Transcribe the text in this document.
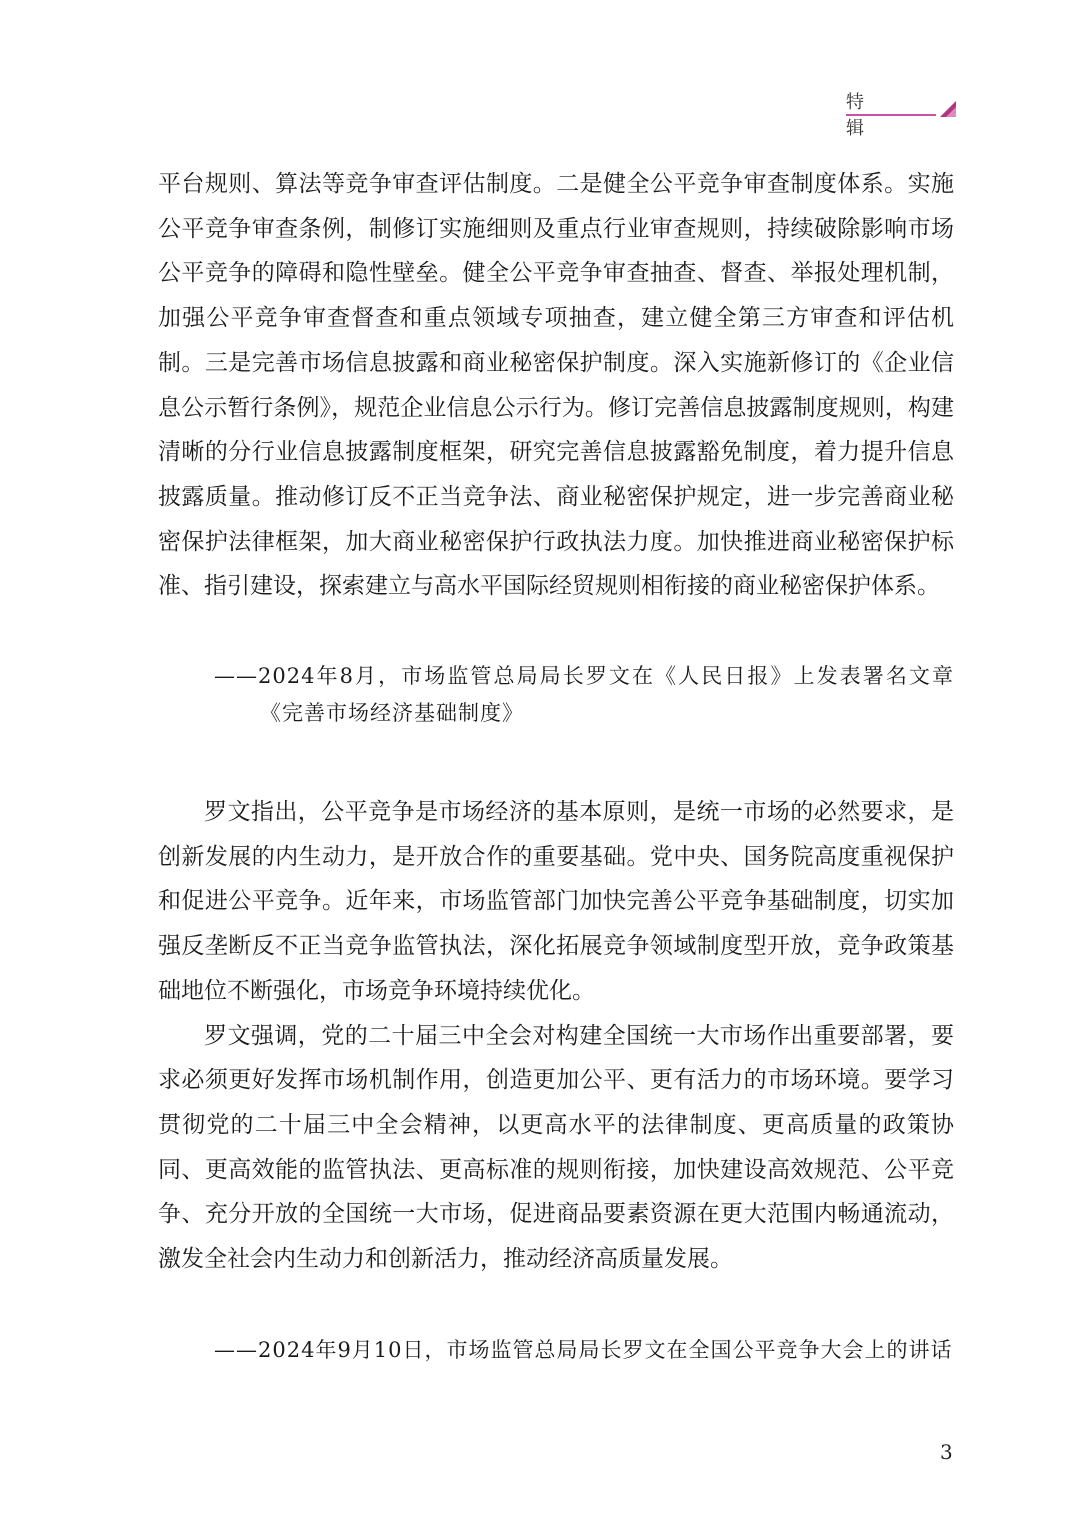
特 辑

平台规则、算法等竞争审查评估制度。二是健全公平竞争审查制度体系。实施公平竞争审查条例，制修订实施细则及重点行业审查规则，持续破除影响市场公平竞争的障碍和隐性壁垒。健全公平竞争审查抽查、督查、举报处理机制，加强公平竞争审查督查和重点领域专项抽查，建立健全第三方审查和评估机制。三是完善市场信息披露和商业秘密保护制度。深入实施新修订的《企业信息公示暂行条例》，规范企业信息公示行为。修订完善信息披露制度规则，构建清晰的分行业信息披露制度框架，研究完善信息披露豁免制度，着力提升信息披露质量。推动修订反不正当竞争法、商业秘密保护规定，进一步完善商业秘密保护法律框架，加大商业秘密保护行政执法力度。加快推进商业秘密保护标准、指引建设，探索建立与高水平国际经贸规则相衔接的商业秘密保护体系。

——2024年8月，市场监管总局局长罗文在《人民日报》上发表署名文章《完善市场经济基础制度》

罗文指出，公平竞争是市场经济的基本原则，是统一市场的必然要求，是创新发展的内生动力，是开放合作的重要基础。党中央、国务院高度重视保护和促进公平竞争。近年来，市场监管部门加快完善公平竞争基础制度，切实加强反垄断反不正当竞争监管执法，深化拓展竞争领域制度型开放，竞争政策基础地位不断强化，市场竞争环境持续优化。

罗文强调，党的二十届三中全会对构建全国统一大市场作出重要部署，要求必须更好发挥市场机制作用，创造更加公平、更有活力的市场环境。要学习贯彻党的二十届三中全会精神，以更高水平的法律制度、更高质量的政策协同、更高效能的监管执法、更高标准的规则衔接，加快建设高效规范、公平竞争、充分开放的全国统一大市场，促进商品要素资源在更大范围内畅通流动，激发全社会内生动力和创新活力，推动经济高质量发展。

——2024年9月10日，市场监管总局局长罗文在全国公平竞争大会上的讲话
3
